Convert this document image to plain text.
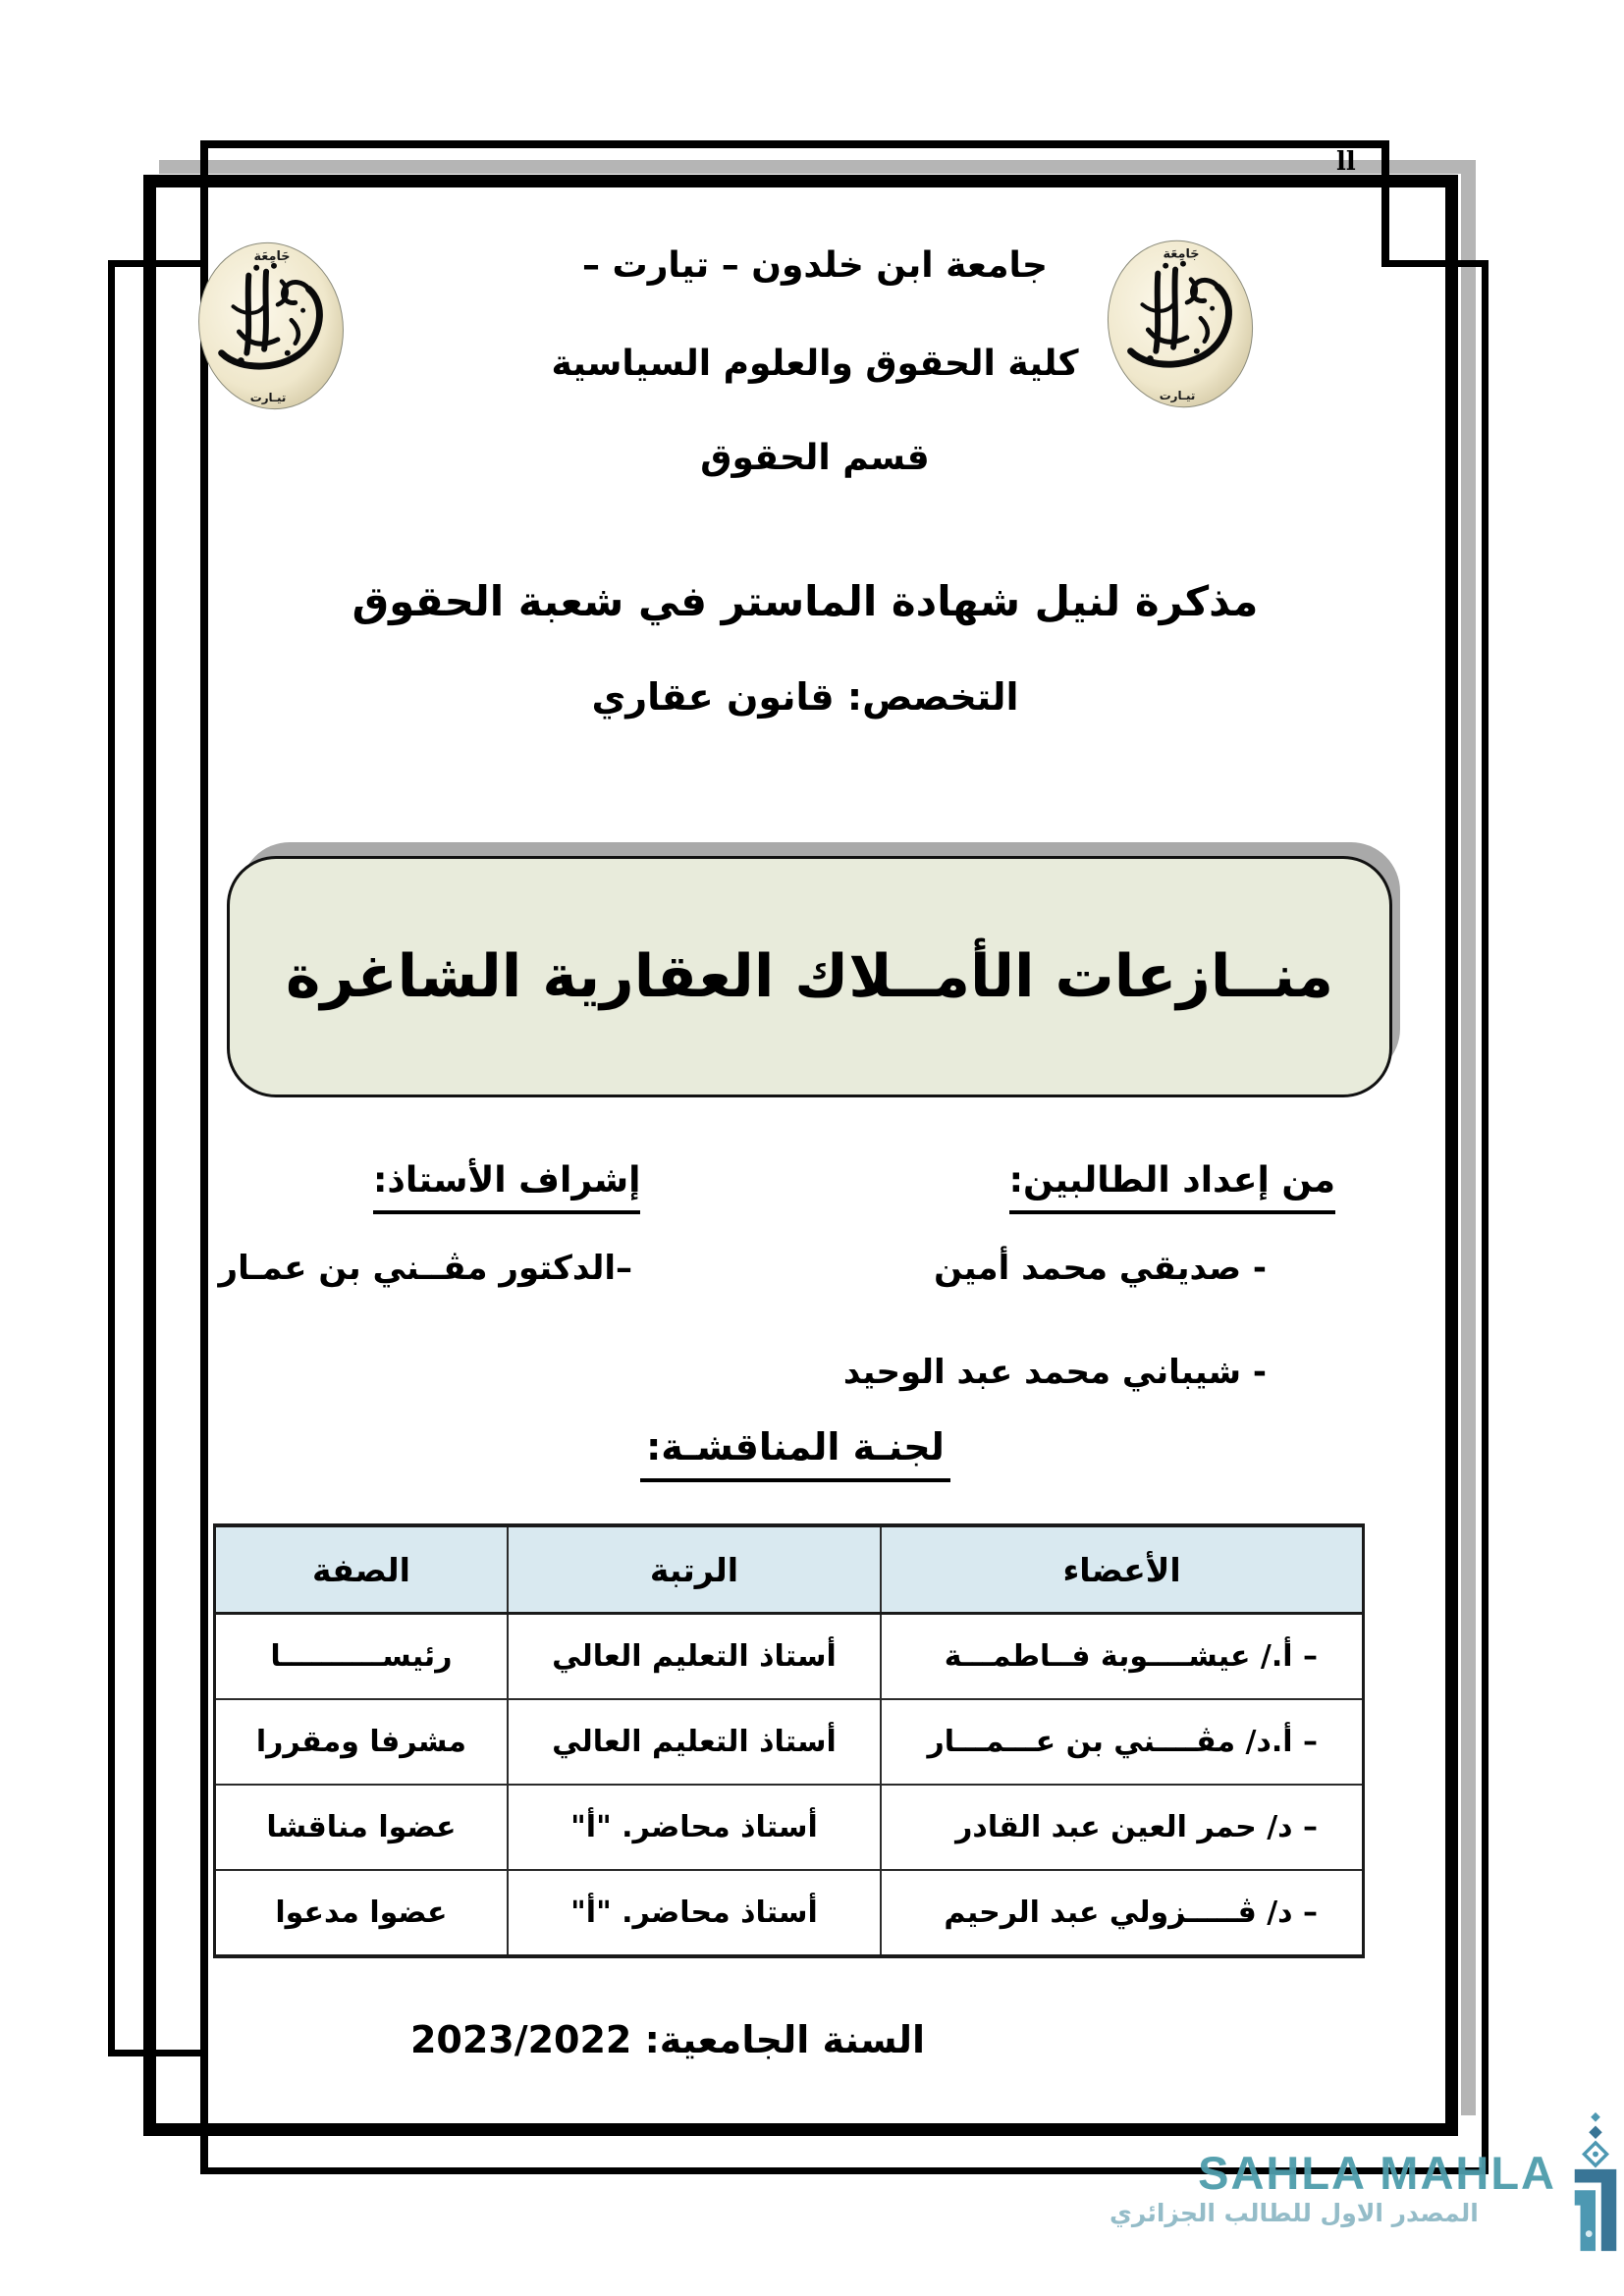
ll
جَامِعَة
تيـارت
جَامِعَة
تيـارت
جامعة ابن خلدون – تيارت –
كلية الحقوق والعلوم السياسية
قسم الحقوق
مذكرة لنيل شهادة الماستر في شعبة الحقوق
التخصص: قانون عقاري
منــازعات الأمــلاك العقارية الشاغرة
من إعداد الطالبين:
- صديقي محمد أمين
- شيباني محمد عبد الوحيد
إشراف الأستاذ:
–الدكتور مڤــني بن عمـار
لجنـة المناقشـة:
الأعضاء	الرتبة	الصفة
– أ./ عيشــــوبة فــاطمـــة	أستاذ التعليم العالي	رئيســــــــــا
– أ.د/ مڤــــني بن عـــمـــار	أستاذ التعليم العالي	مشرفا ومقررا
– د/ حمر العين عبد القادر	أستاذ محاضر. "أ"	عضوا مناقشا
– د/ ڤـــــزولي عبد الرحيم	أستاذ محاضر. "أ"	عضوا مدعوا
السنة الجامعية: 2023/2022
SAHLA MAHLA
المصدر الاول للطالب الجزائري
